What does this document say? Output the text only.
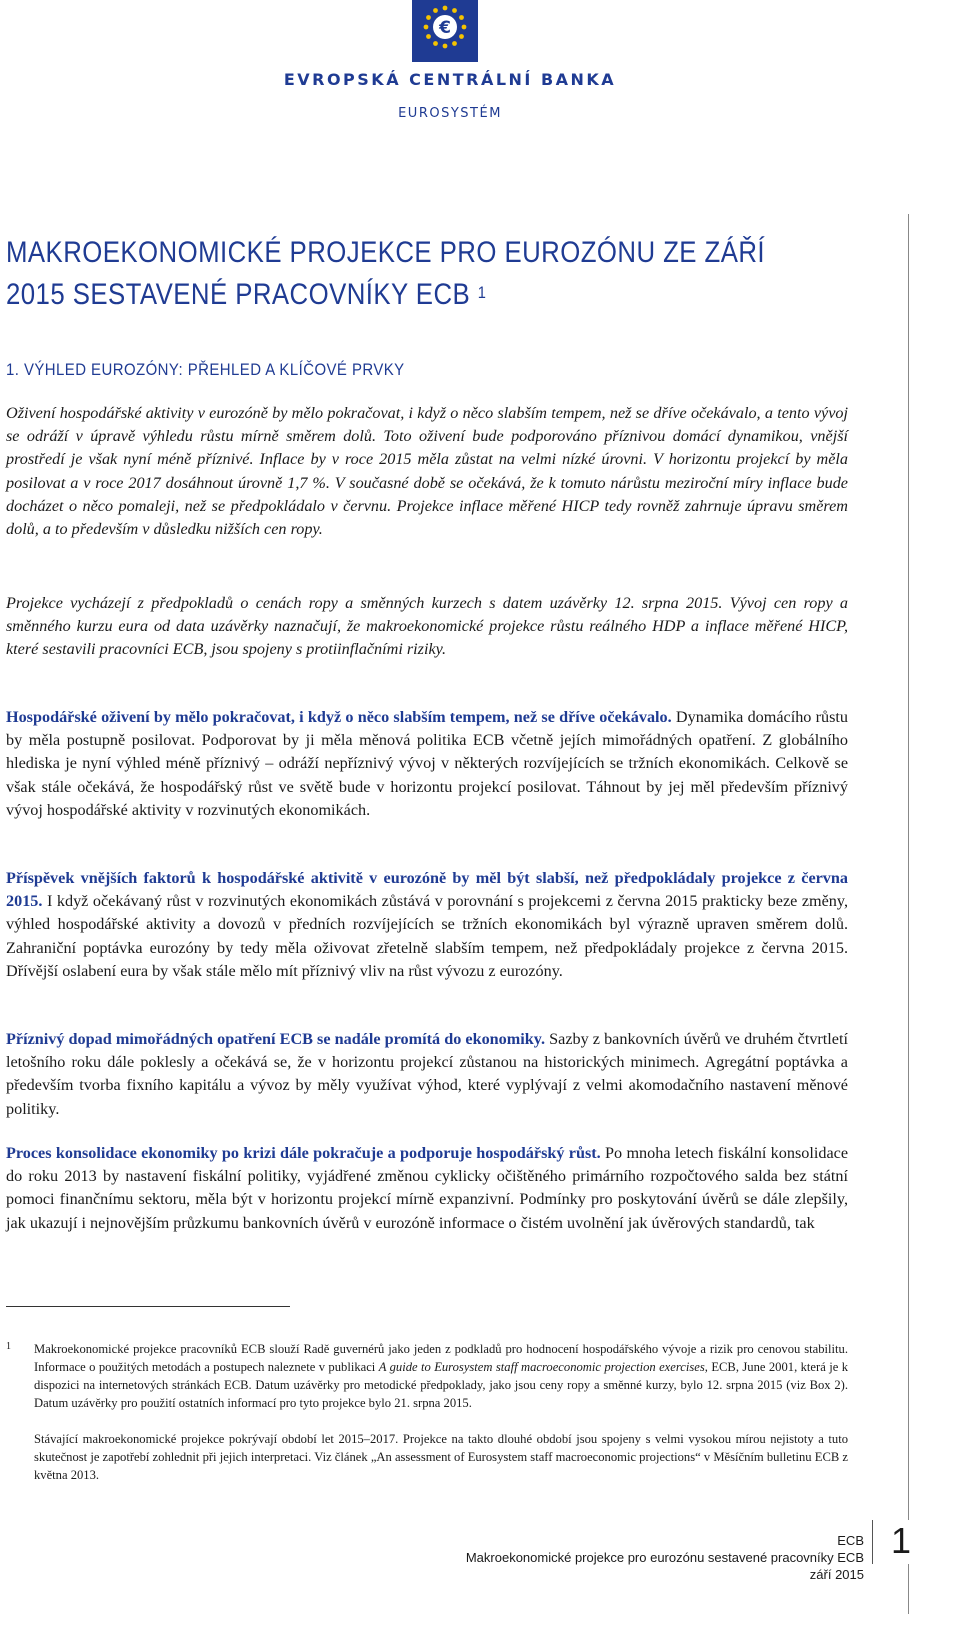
€
EVROPSKÁ CENTRÁLNÍ BANKA
EUROSYSTÉM
MAKROEKONOMICKÉ PROJEKCE PRO EUROZÓNU ZE ZÁŘÍ
2015 SESTAVENÉ PRACOVNÍKY ECB $^1$
1. VÝHLED EUROZÓNY: PŘEHLED A KLÍČOVÉ PRVKY

Oživení hospodářské aktivity v eurozóně by mělo pokračovat, i když o něco slabším tempem, než se dříve očekávalo, a tento vývoj se odráží v úpravě výhledu růstu mírně směrem dolů. Toto oživení bude podporováno příznivou domácí dynamikou, vnější prostředí je však nyní méně příznivé. Inflace by v roce 2015 měla zůstat na velmi nízké úrovni. V horizontu projekcí by měla posilovat a v roce 2017 dosáhnout úrovně 1,7 %. V současné době se očekává, že k tomuto nárůstu meziroční míry inflace bude docházet o něco pomaleji, než se předpokládalo v červnu. Projekce inflace měřené HICP tedy rovněž zahrnuje úpravu směrem dolů, a to především v důsledku nižších cen ropy.

Projekce vycházejí z předpokladů o cenách ropy a směnných kurzech s datem uzávěrky 12. srpna 2015. Vývoj cen ropy a směnného kurzu eura od data uzávěrky naznačují, že makroekonomické projekce růstu reálného HDP a inflace měřené HICP, které sestavili pracovníci ECB, jsou spojeny s protiinflačními riziky.

Hospodářské oživení by mělo pokračovat, i když o něco slabším tempem, než se dříve očekávalo. Dynamika domácího růstu by měla postupně posilovat. Podporovat by ji měla měnová politika ECB včetně jejích mimořádných opatření. Z globálního hlediska je nyní výhled méně příznivý – odráží nepříznivý vývoj v některých rozvíjejících se tržních ekonomikách. Celkově se však stále očekává, že hospodářský růst ve světě bude v horizontu projekcí posilovat. Táhnout by jej měl především příznivý vývoj hospodářské aktivity v rozvinutých ekonomikách.

Příspěvek vnějších faktorů k hospodářské aktivitě v eurozóně by měl být slabší, než předpokládaly projekce z června 2015. I když očekávaný růst v rozvinutých ekonomikách zůstává v porovnání s projekcemi z června 2015 prakticky beze změny, výhled hospodářské aktivity a dovozů v předních rozvíjejících se tržních ekonomikách byl výrazně upraven směrem dolů. Zahraniční poptávka eurozóny by tedy měla oživovat zřetelně slabším tempem, než předpokládaly projekce z června 2015. Dřívější oslabení eura by však stále mělo mít příznivý vliv na růst vývozu z eurozóny.

Příznivý dopad mimořádných opatření ECB se nadále promítá do ekonomiky. Sazby z bankovních úvěrů ve druhém čtvrtletí letošního roku dále poklesly a očekává se, že v horizontu projekcí zůstanou na historických minimech. Agregátní poptávka a především tvorba fixního kapitálu a vývoz by měly využívat výhod, které vyplývají z velmi akomodačního nastavení měnové politiky.

Proces konsolidace ekonomiky po krizi dále pokračuje a podporuje hospodářský růst. Po mnoha letech fiskální konsolidace do roku 2013 by nastavení fiskální politiky, vyjádřené změnou cyklicky očištěného primárního rozpočtového salda bez státní pomoci finančnímu sektoru, měla být v horizontu projekcí mírně expanzivní. Podmínky pro poskytování úvěrů se dále zlepšily, jak ukazují i nejnovějším průzkumu bankovních úvěrů v eurozóně informace o čistém uvolnění jak úvěrových standardů, tak

1 Makroekonomické projekce pracovníků ECB slouží Radě guvernérů jako jeden z podkladů pro hodnocení hospodářského vývoje a rizik pro cenovou stabilitu. Informace o použitých metodách a postupech naleznete v publikaci A guide to Eurosystem staff macroeconomic projection exercises, ECB, June 2001, která je k dispozici na internetových stránkách ECB. Datum uzávěrky pro metodické předpoklady, jako jsou ceny ropy a směnné kurzy, bylo 12. srpna 2015 (viz Box 2). Datum uzávěrky pro použití ostatních informací pro tyto projekce bylo 21. srpna 2015.

Stávající makroekonomické projekce pokrývají období let 2015–2017. Projekce na takto dlouhé období jsou spojeny s velmi vysokou mírou nejistoty a tuto skutečnost je zapotřebí zohlednit při jejich interpretaci. Viz článek „An assessment of Eurosystem staff macroeconomic projections“ v Měsíčním bulletinu ECB z května 2013.

ECB
Makroekonomické projekce pro eurozónu sestavené pracovníky ECB
září 2015
1
